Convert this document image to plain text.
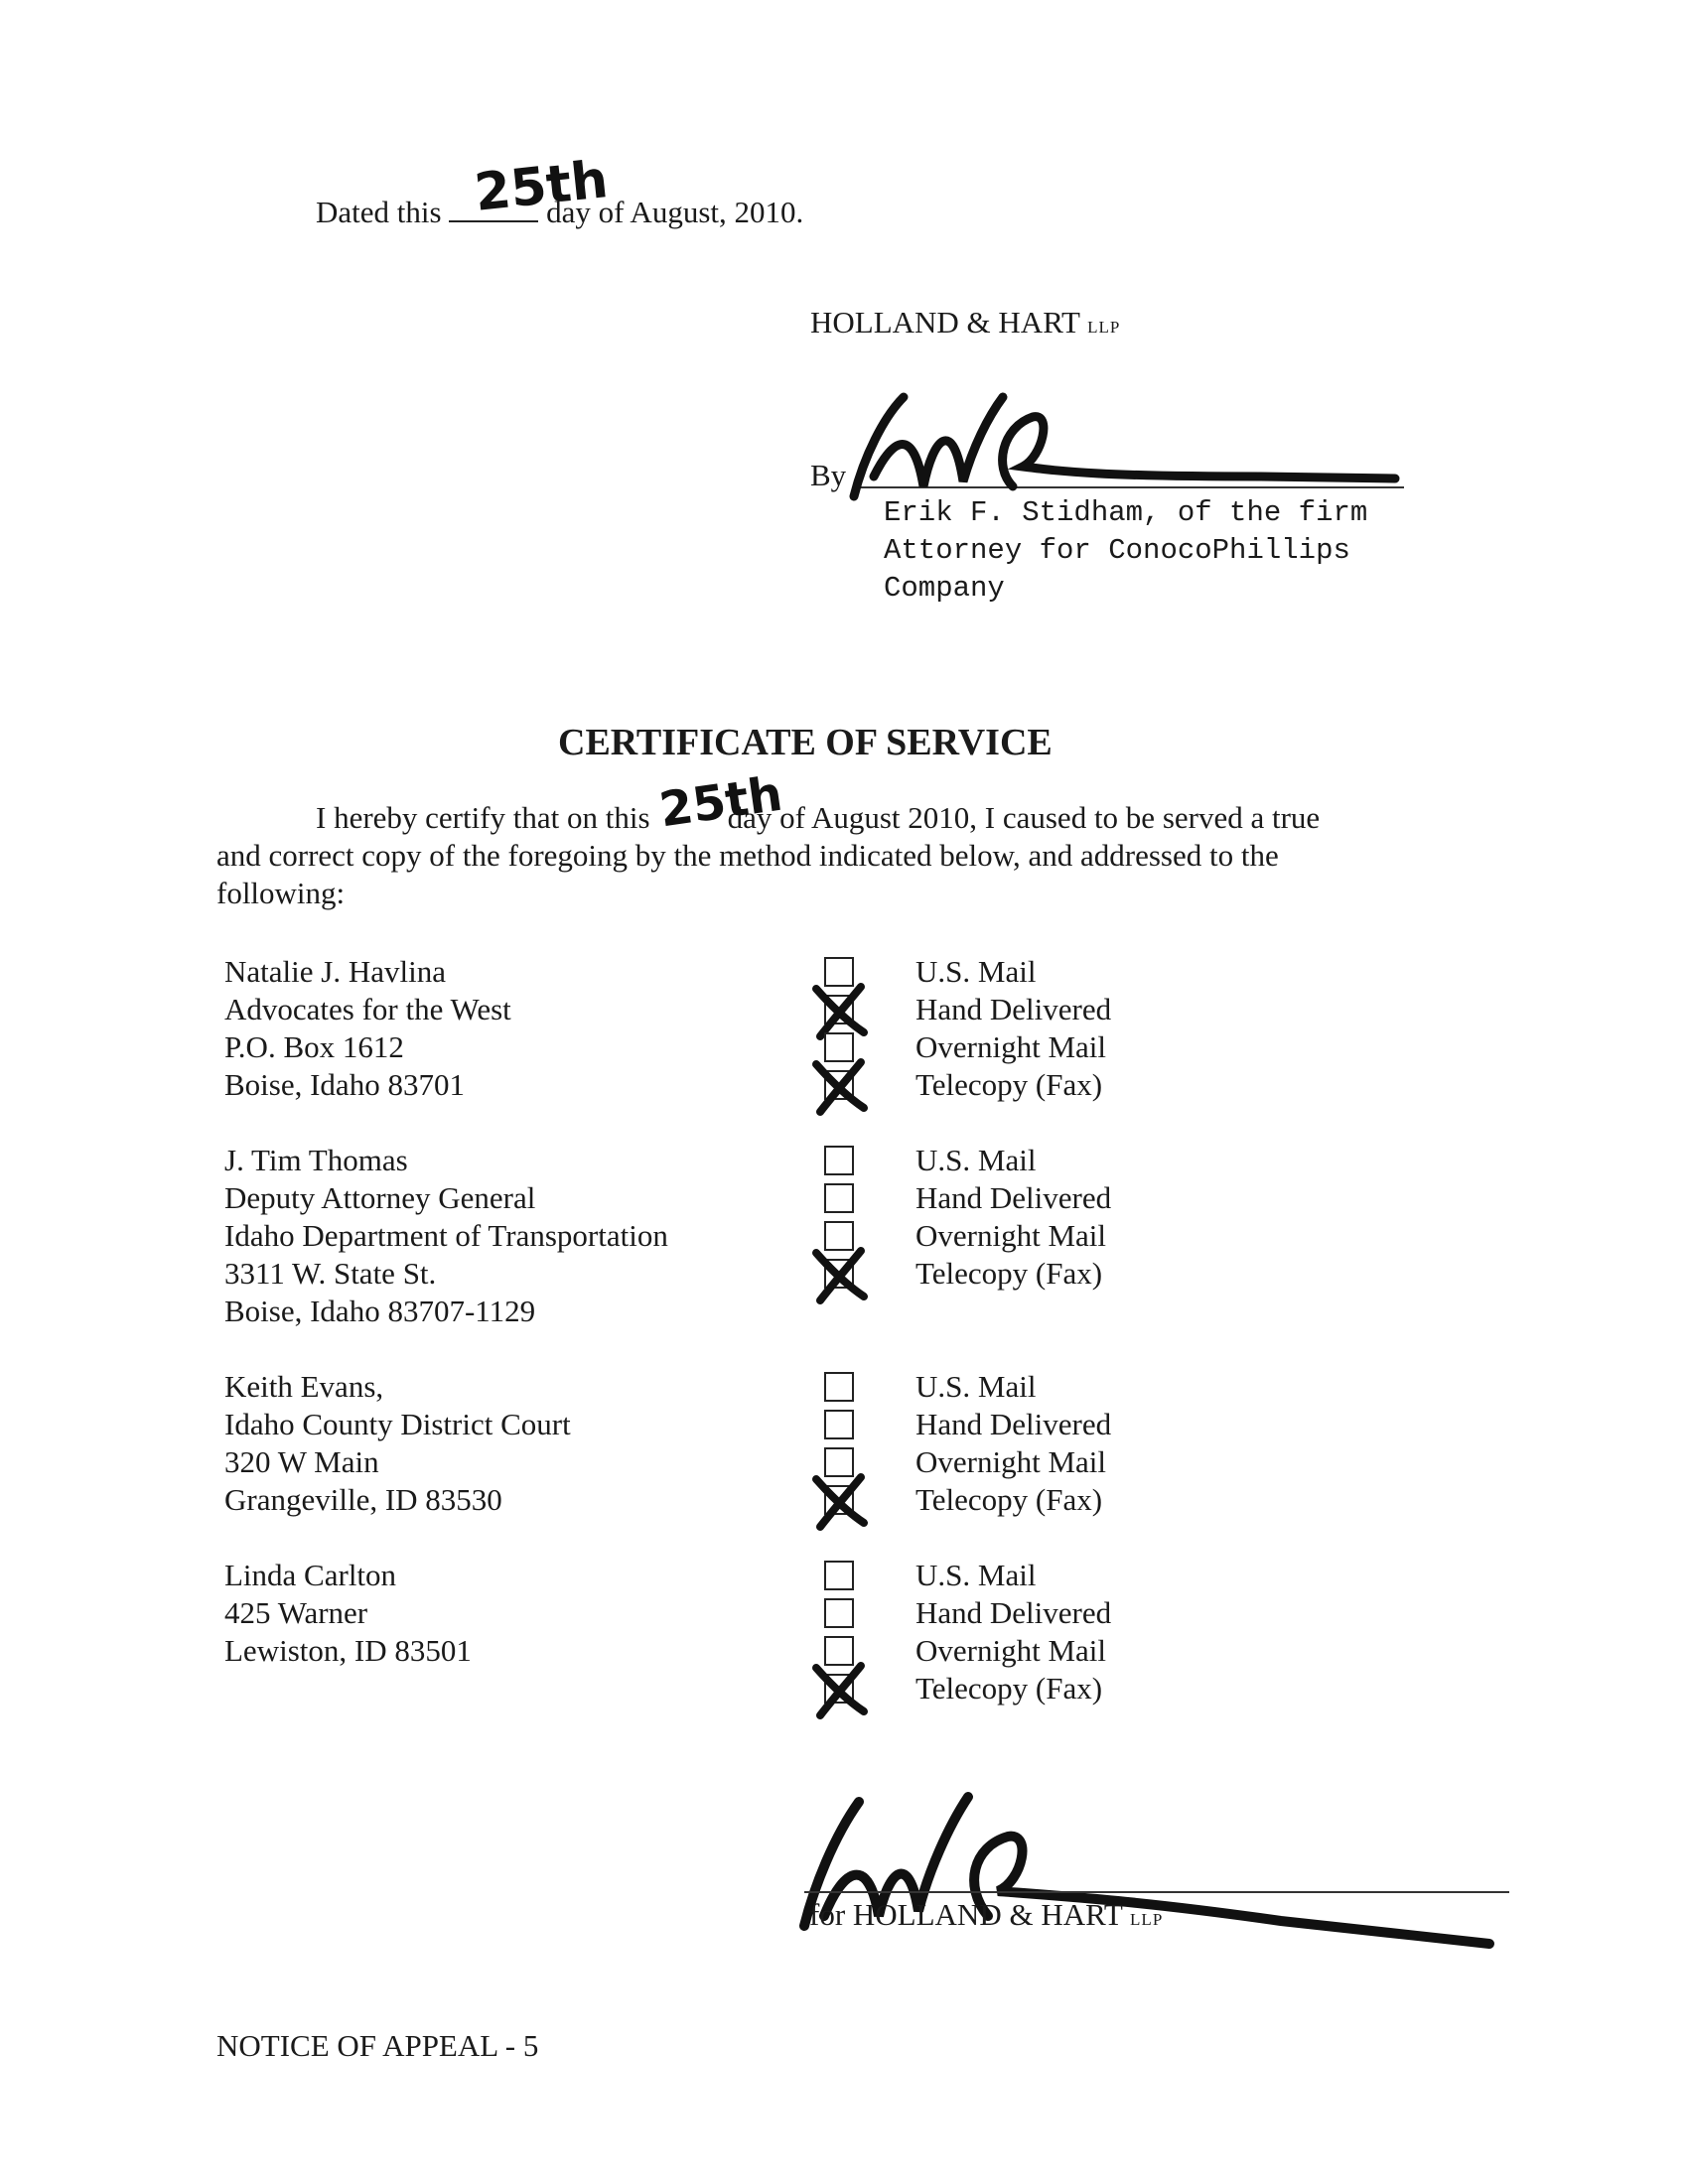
Dated this	day of August, 2010.
25th
HOLLAND & HART LLP
By
Erik F. Stidham, of the firm
Attorney for ConocoPhillips
Company
CERTIFICATE OF SERVICE
I hereby certify that on this	day of August 2010, I caused to be served a true
25th
and correct copy of the foregoing by the method indicated below, and addressed to the
following:
Natalie J. Havlina
Advocates for the West
P.O. Box 1612
Boise, Idaho 83701
U.S. Mail
Hand Delivered
Overnight Mail
Telecopy (Fax)
J. Tim Thomas
Deputy Attorney General
Idaho Department of Transportation
3311 W. State St.
Boise, Idaho 83707-1129
U.S. Mail
Hand Delivered
Overnight Mail
Telecopy (Fax)
Keith Evans,
Idaho County District Court
320 W Main
Grangeville, ID 83530
U.S. Mail
Hand Delivered
Overnight Mail
Telecopy (Fax)
Linda Carlton
425 Warner
Lewiston, ID 83501
U.S. Mail
Hand Delivered
Overnight Mail
Telecopy (Fax)
for HOLLAND & HART LLP
NOTICE OF APPEAL - 5
